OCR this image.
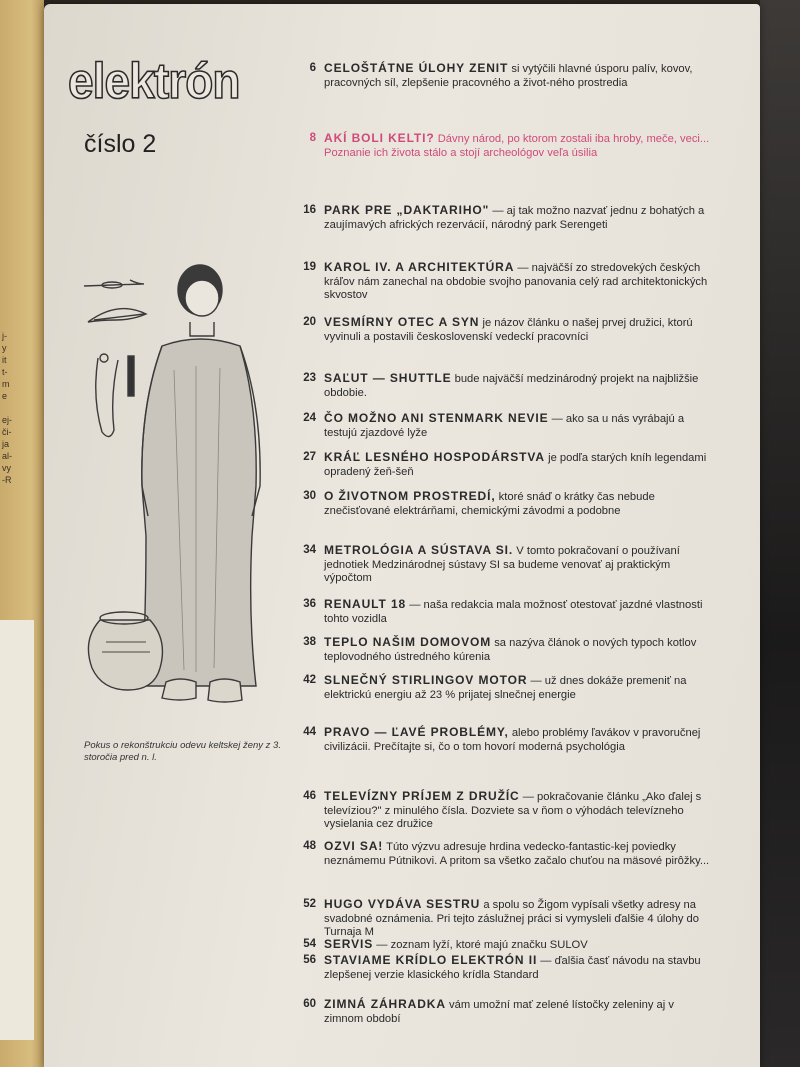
j-
y
it
t-
m
e

ej-
či-
ja
al-
vy
-R
elektrón
číslo 2
Pokus o rekonštrukciu odevu keltskej ženy z 3. storočia pred n. l.
6 CELOŠTÁTNE ÚLOHY ZENIT si vytýčili hlavné úsporu palív, kovov, pracovných síl, zlepšenie pracovného a život-ného prostredia
8 AKÍ BOLI KELTI? Dávny národ, po ktorom zostali iba hroby, meče, veci... Poznanie ich života stálo a stojí archeológov veľa úsilia
16 PARK PRE „DAKTARIHO" — aj tak možno nazvať jednu z bohatých a zaujímavých afrických rezervácií, národný park Serengeti
19 KAROL IV. A ARCHITEKTÚRA — najväčší zo stredovekých českých kráľov nám zanechal na obdobie svojho panovania celý rad architektonických skvostov
20 VESMÍRNY OTEC A SYN je názov článku o našej prvej družici, ktorú vyvinuli a postavili československí vedeckí pracovníci
23 SAĽUT — SHUTTLE bude najväčší medzinárodný projekt na najbližšie obdobie.
24 ČO MOŽNO ANI STENMARK NEVIE — ako sa u nás vyrábajú a testujú zjazdové lyže
27 KRÁĽ LESNÉHO HOSPODÁRSTVA je podľa starých kníh legendami opradený žeň-šeň
30 O ŽIVOTNOM PROSTREDÍ, ktoré snáď o krátky čas nebude znečisťované elektrárňami, chemickými závodmi a podobne
34 METROLÓGIA A SÚSTAVA SI. V tomto pokračovaní o používaní jednotiek Medzinárodnej sústavy SI sa budeme venovať aj praktickým výpočtom
36 RENAULT 18 — naša redakcia mala možnosť otestovať jazdné vlastnosti tohto vozidla
38 TEPLO NAŠIM DOMOVOM sa nazýva článok o nových typoch kotlov teplovodného ústredného kúrenia
42 SLNEČNÝ STIRLINGOV MOTOR — už dnes dokáže premeniť na elektrickú energiu až 23 % prijatej slnečnej energie
44 PRAVO — ĽAVÉ PROBLÉMY, alebo problémy ľavákov v pravoručnej civilizácii. Prečítajte si, čo o tom hovorí moderná psychológia
46 TELEVÍZNY PRÍJEM Z DRUŽÍC — pokračovanie článku „Ako ďalej s televíziou?" z minulého čísla. Dozviete sa v ňom o výhodách televízneho vysielania cez družice
48 OZVI SA! Túto výzvu adresuje hrdina vedecko-fantastic-kej poviedky neznámemu Pútnikovi. A pritom sa všetko začalo chuťou na mäsové pirôžky...
52 HUGO VYDÁVA SESTRU a spolu so Žigom vypísali všetky adresy na svadobné oznámenia. Pri tejto záslužnej práci si vymysleli ďalšie 4 úlohy do Turnaja M
54 SERVIS — zoznam lyží, ktoré majú značku SULOV
56 STAVIAME KRÍDLO ELEKTRÓN II — ďalšia časť návodu na stavbu zlepšenej verzie klasického krídla Standard
60 ZIMNÁ ZÁHRADKA vám umožní mať zelené lístočky zeleniny aj v zimnom období
